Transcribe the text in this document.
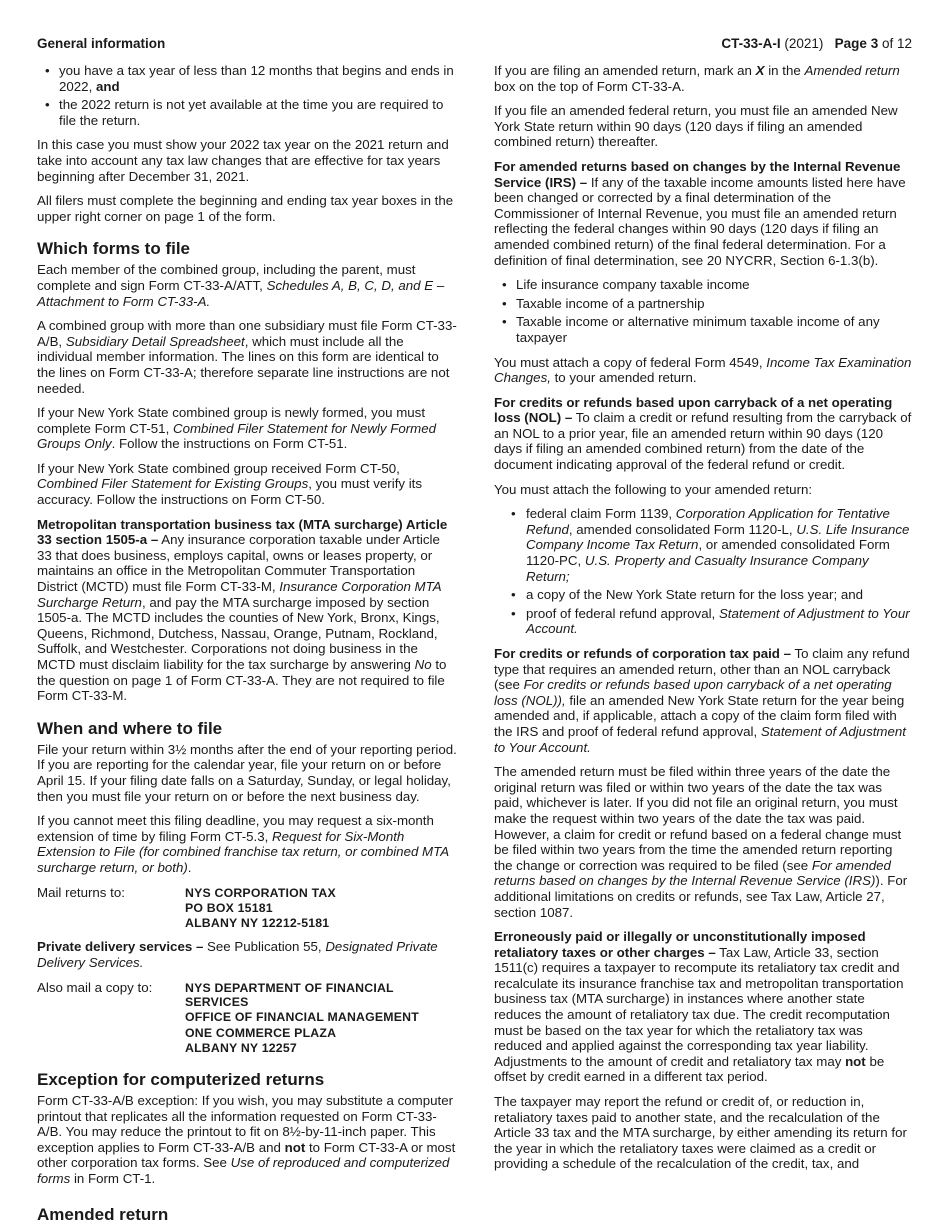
General information	CT-33-A-I (2021) Page 3 of 12
• you have a tax year of less than 12 months that begins and ends in 2022, and
• the 2022 return is not yet available at the time you are required to file the return.

In this case you must show your 2022 tax year on the 2021 return and take into account any tax law changes that are effective for tax years beginning after December 31, 2021.

All filers must complete the beginning and ending tax year boxes in the upper right corner on page 1 of the form.

Which forms to file

Each member of the combined group, including the parent, must complete and sign Form CT-33-A/ATT, Schedules A, B, C, D, and E – Attachment to Form CT-33-A.

A combined group with more than one subsidiary must file Form CT-33-A/B, Subsidiary Detail Spreadsheet, which must include all the individual member information. The lines on this form are identical to the lines on Form CT-33-A; therefore separate line instructions are not needed.

If your New York State combined group is newly formed, you must complete Form CT-51, Combined Filer Statement for Newly Formed Groups Only. Follow the instructions on Form CT-51.

If your New York State combined group received Form CT-50, Combined Filer Statement for Existing Groups, you must verify its accuracy. Follow the instructions on Form CT-50.

Metropolitan transportation business tax (MTA surcharge) Article 33 section 1505-a – Any insurance corporation taxable under Article 33 that does business, employs capital, owns or leases property, or maintains an office in the Metropolitan Commuter Transportation District (MCTD) must file Form CT-33-M, Insurance Corporation MTA Surcharge Return, and pay the MTA surcharge imposed by section 1505-a. The MCTD includes the counties of New York, Bronx, Kings, Queens, Richmond, Dutchess, Nassau, Orange, Putnam, Rockland, Suffolk, and Westchester. Corporations not doing business in the MCTD must disclaim liability for the tax surcharge by answering No to the question on page 1 of Form CT-33-A. They are not required to file Form CT-33-M.

When and where to file

File your return within 3½ months after the end of your reporting period. If you are reporting for the calendar year, file your return on or before April 15. If your filing date falls on a Saturday, Sunday, or legal holiday, then you must file your return on or before the next business day.

If you cannot meet this filing deadline, you may request a six-month extension of time by filing Form CT-5.3, Request for Six-Month Extension to File (for combined franchise tax return, or combined MTA surcharge return, or both).

Mail returns to:	NYS CORPORATION TAX
PO BOX 15181
ALBANY NY 12212-5181

Private delivery services – See Publication 55, Designated Private Delivery Services.

Also mail a copy to:	NYS DEPARTMENT OF FINANCIAL SERVICES
OFFICE OF FINANCIAL MANAGEMENT
ONE COMMERCE PLAZA
ALBANY NY 12257
Exception for computerized returns

Form CT-33-A/B exception: If you wish, you may substitute a computer printout that replicates all the information requested on Form CT-33-A/B. You may reduce the printout to fit on 8½-by-11-inch paper. This exception applies to Form CT-33-A/B and not to Form CT-33-A or most other corporation tax forms. See Use of reproduced and computerized forms in Form CT-1.

Amended return

If you are filing an amended return, mark an X in the Amended return box on the top of Form CT-33-A.

If you file an amended federal return, you must file an amended New York State return within 90 days (120 days if filing an amended combined return) thereafter.

For amended returns based on changes by the Internal Revenue Service (IRS) – If any of the taxable income amounts listed here have been changed or corrected by a final determination of the Commissioner of Internal Revenue, you must file an amended return reflecting the federal changes within 90 days (120 days if filing an amended combined return) of the final federal determination. For a definition of final determination, see 20 NYCRR, Section 6-1.3(b).

• Life insurance company taxable income
• Taxable income of a partnership
• Taxable income or alternative minimum taxable income of any taxpayer

You must attach a copy of federal Form 4549, Income Tax Examination Changes, to your amended return.

For credits or refunds based upon carryback of a net operating loss (NOL) – To claim a credit or refund resulting from the carryback of an NOL to a prior year, file an amended return within 90 days (120 days if filing an amended combined return) from the date of the document indicating approval of the federal refund or credit.

You must attach the following to your amended return:

• federal claim Form 1139, Corporation Application for Tentative Refund, amended consolidated Form 1120-L, U.S. Life Insurance Company Income Tax Return, or amended consolidated Form 1120-PC, U.S. Property and Casualty Insurance Company Return;
• a copy of the New York State return for the loss year; and
• proof of federal refund approval, Statement of Adjustment to Your Account.

For credits or refunds of corporation tax paid – To claim any refund type that requires an amended return, other than an NOL carryback (see For credits or refunds based upon carryback of a net operating loss (NOL)), file an amended New York State return for the year being amended and, if applicable, attach a copy of the claim form filed with the IRS and proof of federal refund approval, Statement of Adjustment to Your Account.

The amended return must be filed within three years of the date the original return was filed or within two years of the date the tax was paid, whichever is later. If you did not file an original return, you must make the request within two years of the date the tax was paid. However, a claim for credit or refund based on a federal change must be filed within two years from the time the amended return reporting the change or correction was required to be filed (see For amended returns based on changes by the Internal Revenue Service (IRS)). For additional limitations on credits or refunds, see Tax Law, Article 27, section 1087.

Erroneously paid or illegally or unconstitutionally imposed retaliatory taxes or other charges – Tax Law, Article 33, section 1511(c) requires a taxpayer to recompute its retaliatory tax credit and recalculate its insurance franchise tax and metropolitan transportation business tax (MTA surcharge) in instances where another state reduces the amount of retaliatory tax due. The credit recomputation must be based on the tax year for which the retaliatory tax was reduced and applied against the corresponding tax year liability. Adjustments to the amount of credit and retaliatory tax may not be offset by credit earned in a different tax period.

The taxpayer may report the refund or credit of, or reduction in, retaliatory taxes paid to another state, and the recalculation of the Article 33 tax and the MTA surcharge, by either amending its return for the year in which the retaliatory taxes were claimed as a credit or providing a schedule of the recalculation of the credit, tax, and
